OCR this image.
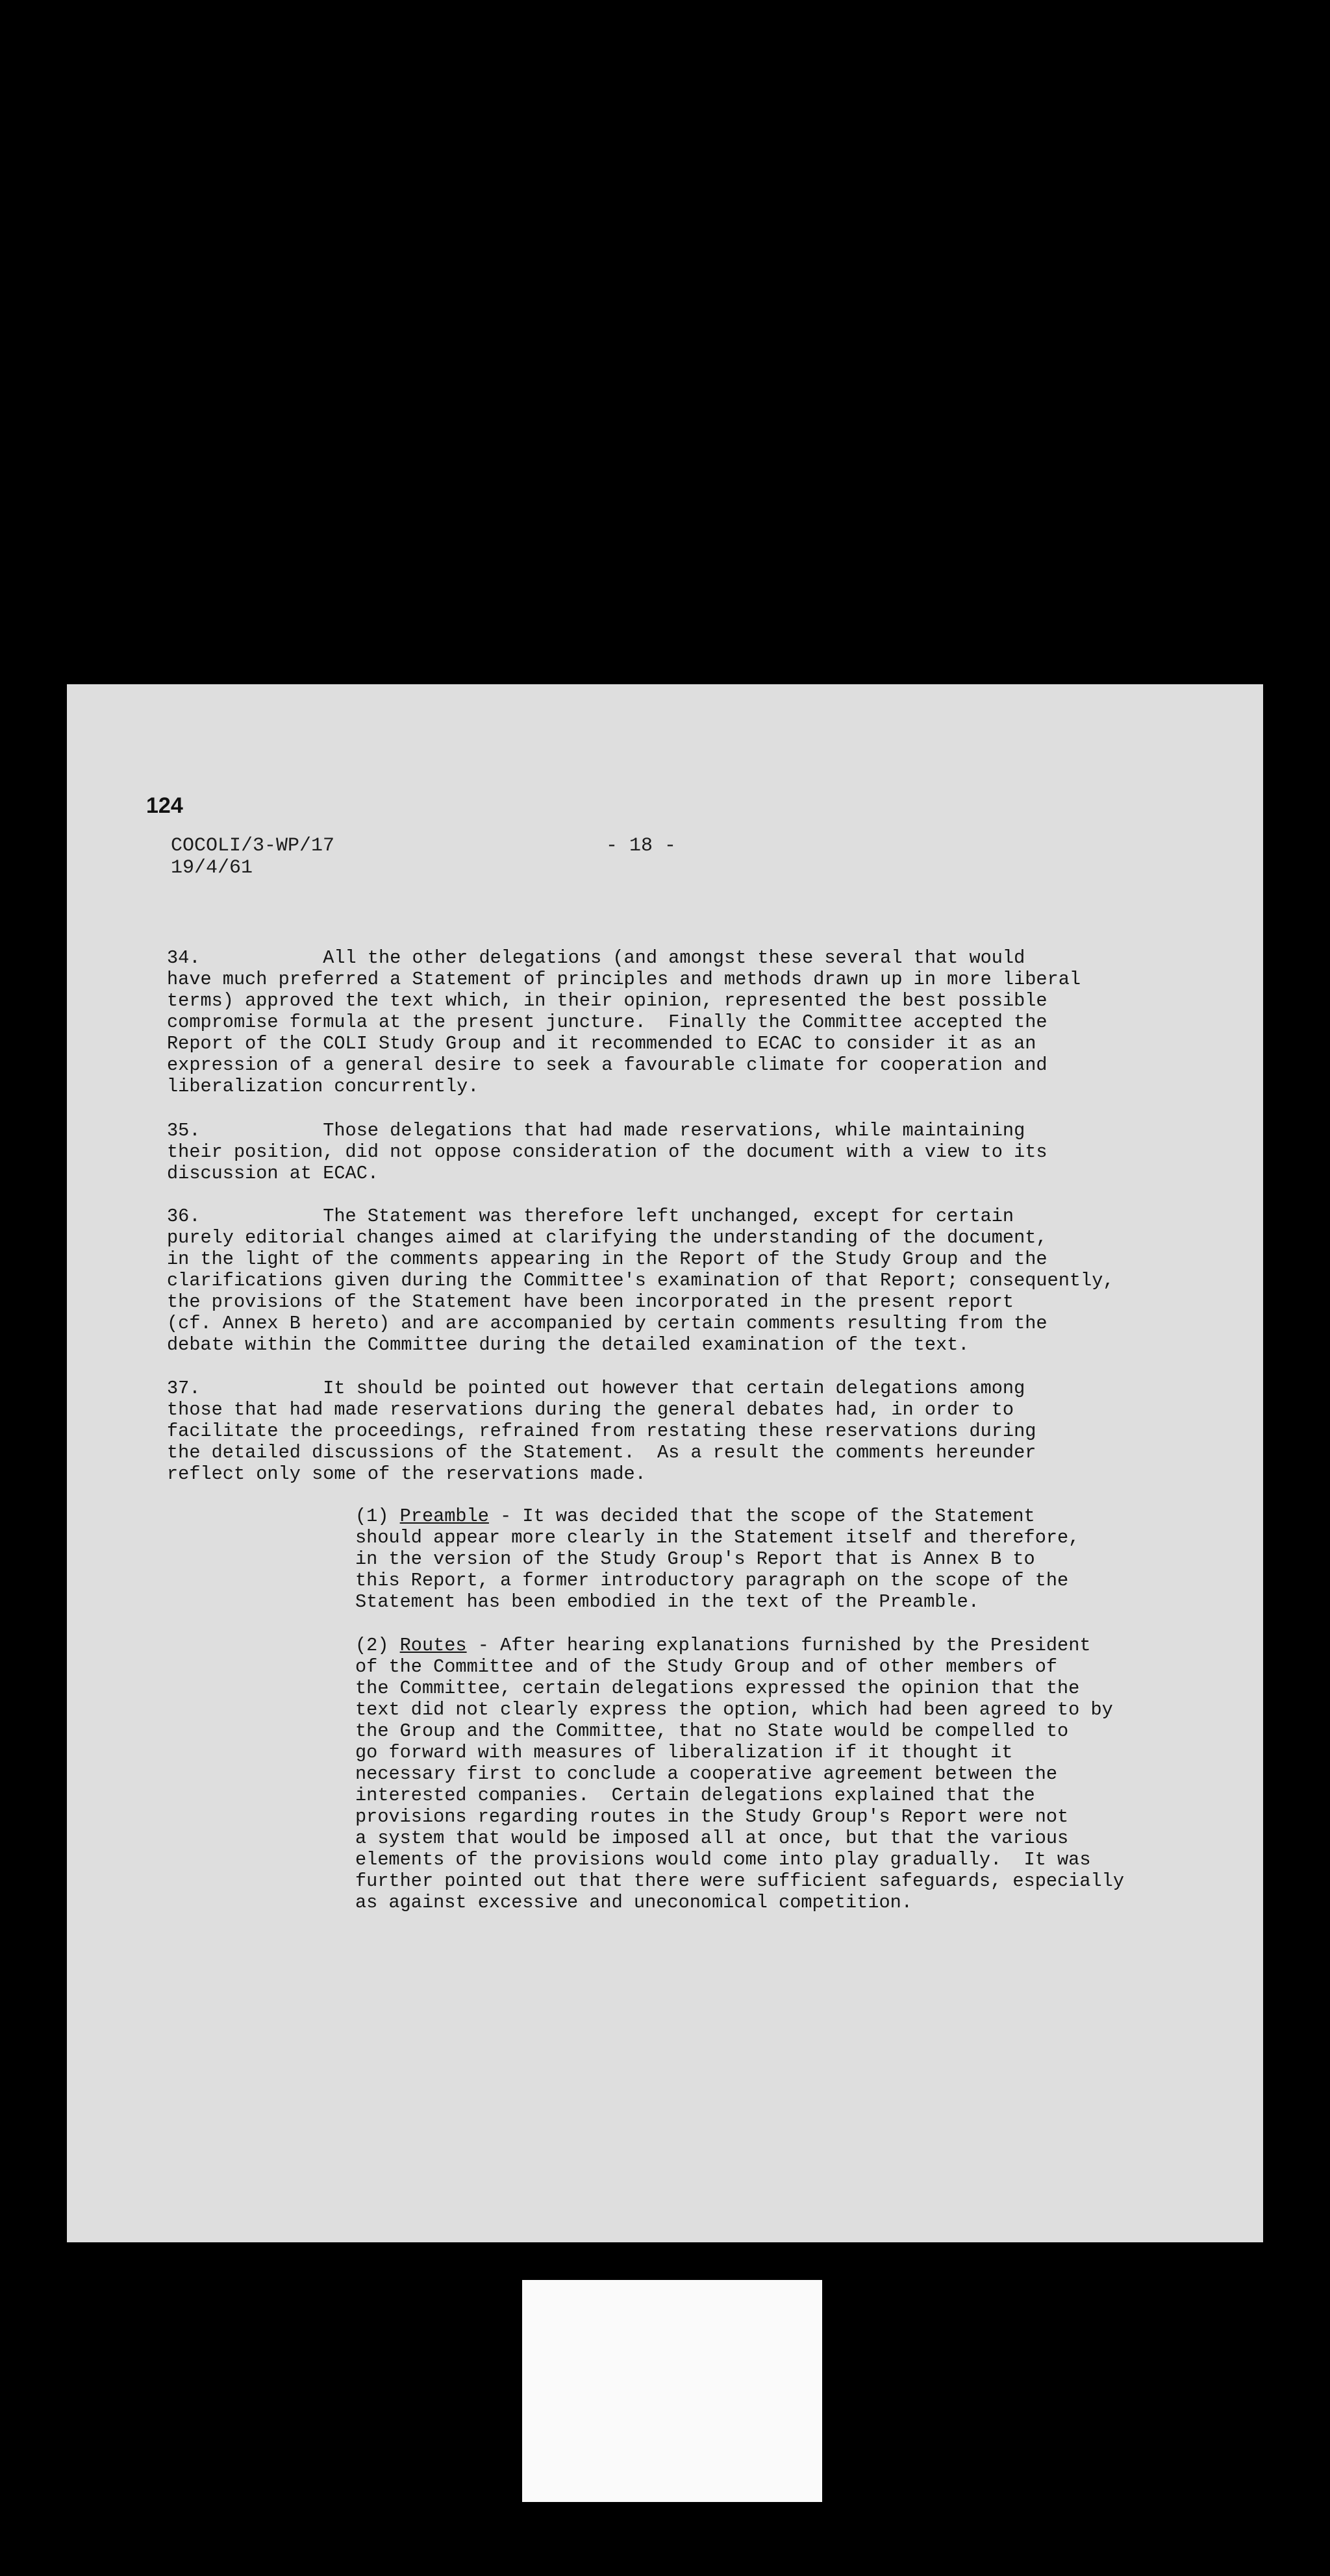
124
COCOLI/3-WP/17
19/4/61
- 18 -
34.           All the other delegations (and amongst these several that would
have much preferred a Statement of principles and methods drawn up in more liberal
terms) approved the text which, in their opinion, represented the best possible
compromise formula at the present juncture.  Finally the Committee accepted the
Report of the COLI Study Group and it recommended to ECAC to consider it as an
expression of a general desire to seek a favourable climate for cooperation and
liberalization concurrently.
35.           Those delegations that had made reservations, while maintaining
their position, did not oppose consideration of the document with a view to its
discussion at ECAC.
36.           The Statement was therefore left unchanged, except for certain
purely editorial changes aimed at clarifying the understanding of the document,
in the light of the comments appearing in the Report of the Study Group and the
clarifications given during the Committee's examination of that Report; consequently,
the provisions of the Statement have been incorporated in the present report
(cf. Annex B hereto) and are accompanied by certain comments resulting from the
debate within the Committee during the detailed examination of the text.
37.           It should be pointed out however that certain delegations among
those that had made reservations during the general debates had, in order to
facilitate the proceedings, refrained from restating these reservations during
the detailed discussions of the Statement.  As a result the comments hereunder
reflect only some of the reservations made.
(1) Preamble - It was decided that the scope of the Statement
should appear more clearly in the Statement itself and therefore,
in the version of the Study Group's Report that is Annex B to
this Report, a former introductory paragraph on the scope of the
Statement has been embodied in the text of the Preamble.
(2) Routes - After hearing explanations furnished by the President
of the Committee and of the Study Group and of other members of
the Committee, certain delegations expressed the opinion that the
text did not clearly express the option, which had been agreed to by
the Group and the Committee, that no State would be compelled to
go forward with measures of liberalization if it thought it
necessary first to conclude a cooperative agreement between the
interested companies.  Certain delegations explained that the
provisions regarding routes in the Study Group's Report were not
a system that would be imposed all at once, but that the various
elements of the provisions would come into play gradually.  It was
further pointed out that there were sufficient safeguards, especially
as against excessive and uneconomical competition.
